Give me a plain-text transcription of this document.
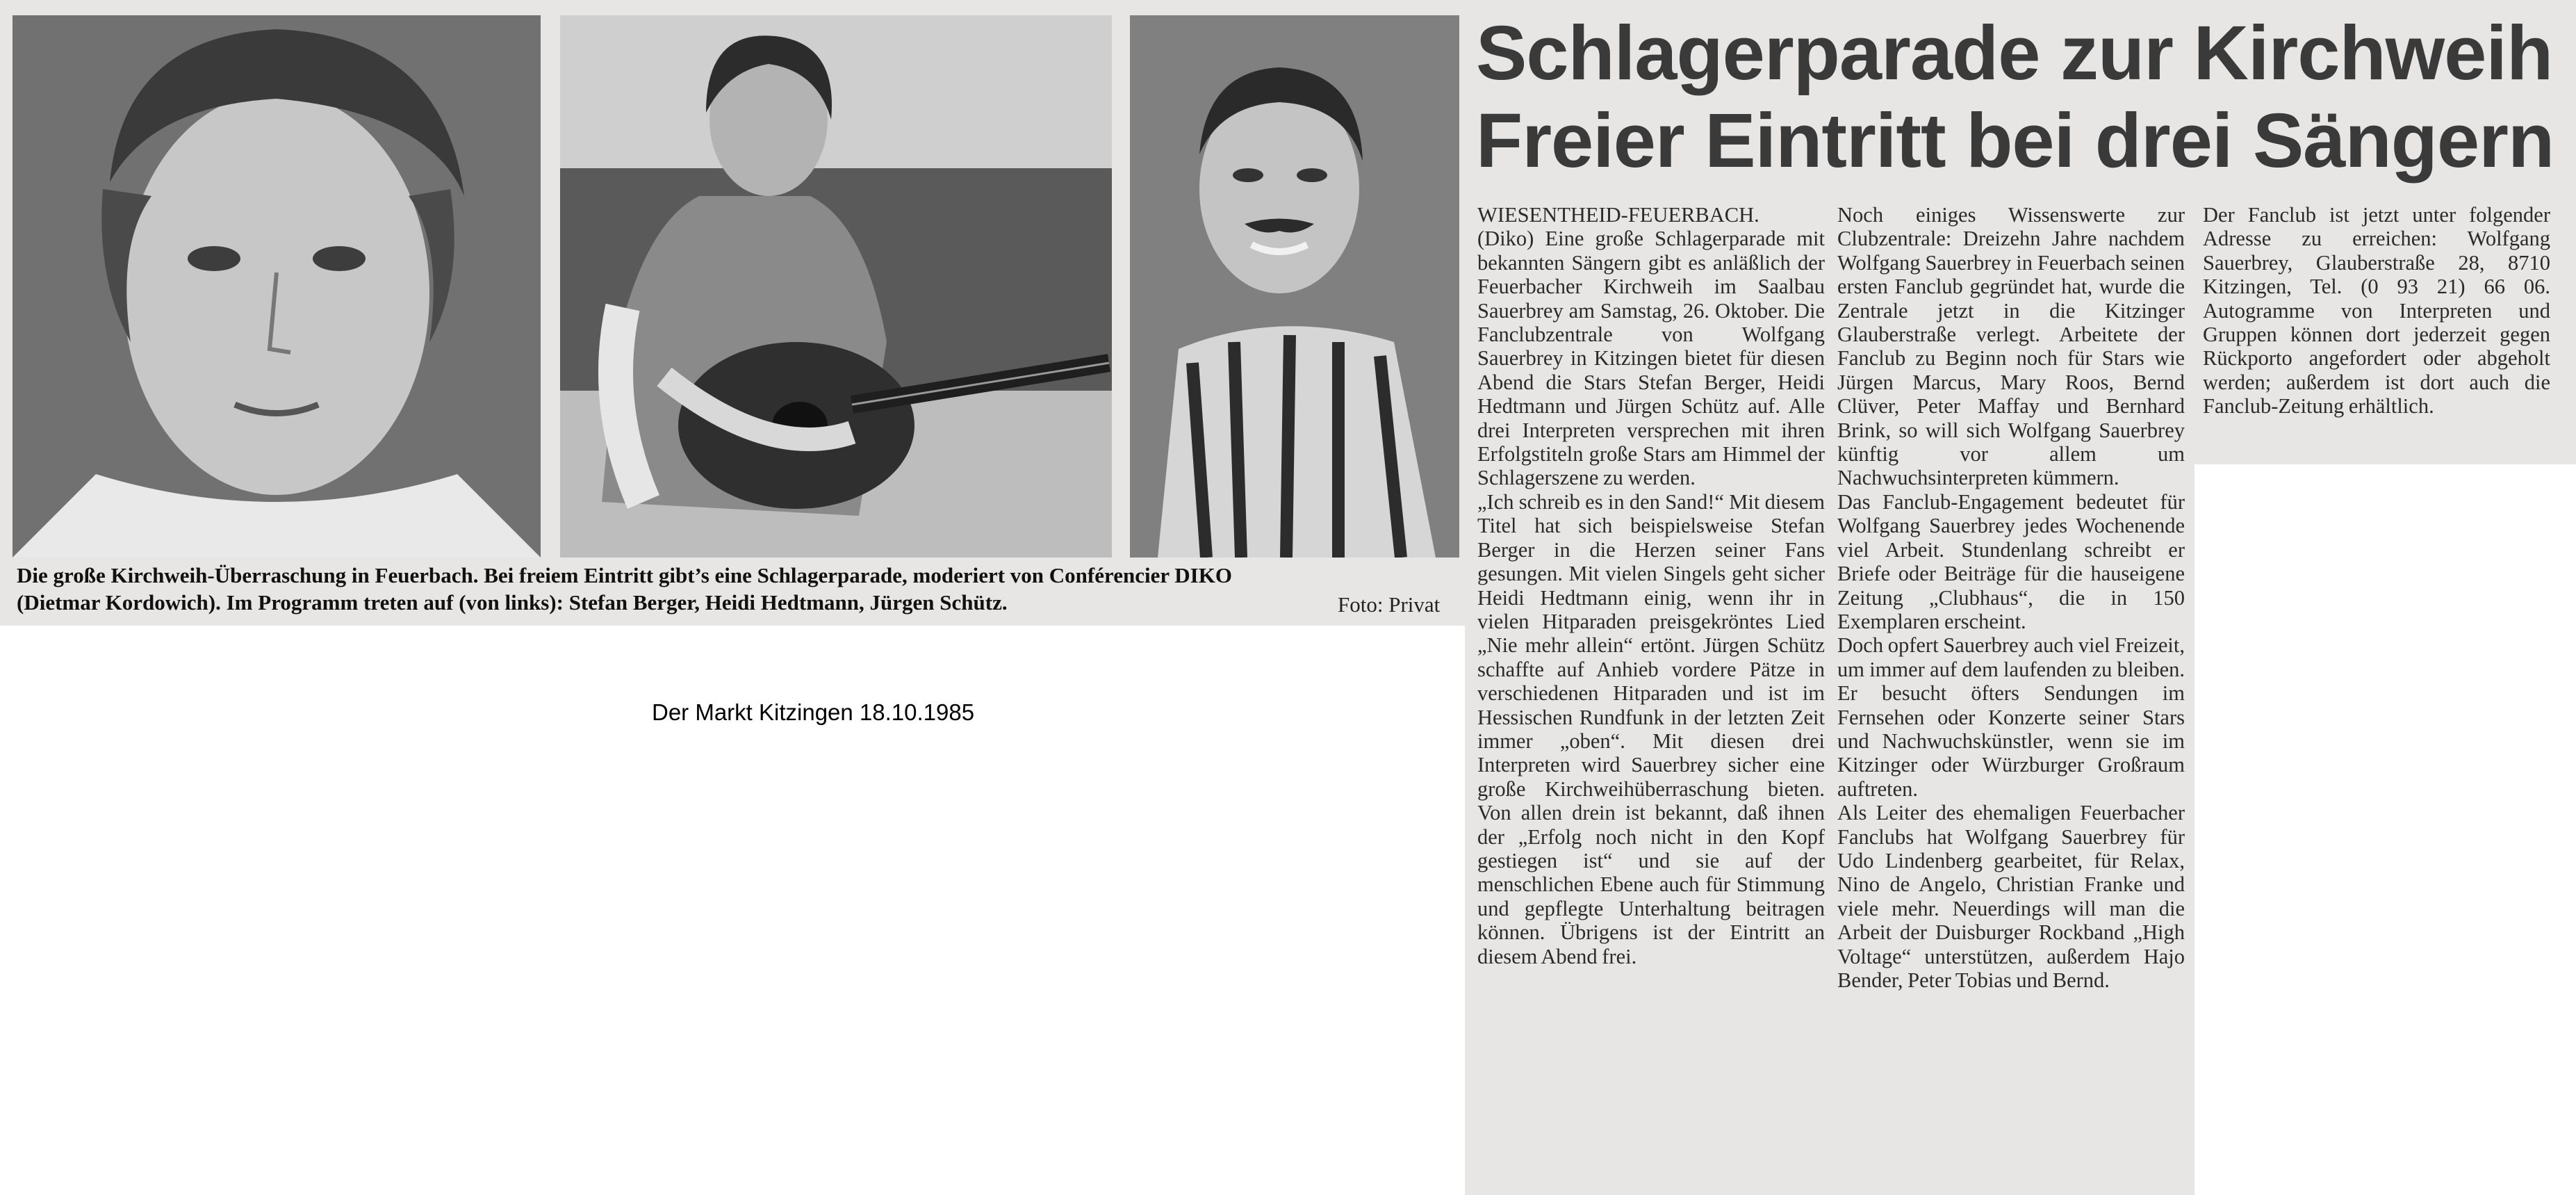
Die große Kirchweih-Überraschung in Feuerbach. Bei freiem Eintritt gibt’s eine Schlagerparade, moderiert von Conférencier DIKO
(Dietmar Kordowich). Im Programm treten auf (von links): Stefan Berger, Heidi Hedtmann, Jürgen Schütz.	Foto: Privat
Schlagerparade zur Kirchweih
Freier Eintritt bei drei Sängern

WIESENTHEID-FEUERBACH.

(Diko) Eine große Schlagerparade mit bekannten Sängern gibt es anläßlich der Feuerbacher Kirchweih im Saalbau Sauerbrey am Samstag, 26. Oktober. Die Fanclubzentrale von Wolfgang Sauerbrey in Kitzingen bietet für diesen Abend die Stars Stefan Berger, Heidi Hedtmann und Jürgen Schütz auf. Alle drei Interpreten versprechen mit ihren Erfolgstiteln große Stars am Himmel der Schlagerszene zu werden.

„Ich schreib es in den Sand!“ Mit diesem Titel hat sich beispielsweise Stefan Berger in die Herzen seiner Fans gesungen. Mit vielen Singels geht sicher Heidi Hedtmann einig, wenn ihr in vielen Hitparaden preisgekröntes Lied „Nie mehr allein“ ertönt. Jürgen Schütz schaffte auf Anhieb vordere Pätze in verschiedenen Hitparaden und ist im Hessischen Rundfunk in der letzten Zeit immer „oben“. Mit diesen drei Interpreten wird Sauerbrey sicher eine große Kirchweihüberraschung bieten. Von allen drein ist bekannt, daß ihnen der „Erfolg noch nicht in den Kopf gestiegen ist“ und sie auf der menschlichen Ebene auch für Stimmung und gepflegte Unterhaltung beitragen können. Übrigens ist der Eintritt an diesem Abend frei.

Noch einiges Wissenswerte zur Clubzentrale: Dreizehn Jahre nachdem Wolfgang Sauerbrey in Feuerbach seinen ersten Fanclub gegründet hat, wurde die Zentrale jetzt in die Kitzinger Glauberstraße verlegt. Arbeitete der Fanclub zu Beginn noch für Stars wie Jürgen Marcus, Mary Roos, Bernd Clüver, Peter Maffay und Bernhard Brink, so will sich Wolfgang Sauerbrey künftig vor allem um Nachwuchsinterpreten kümmern.

Das Fanclub-Engagement bedeutet für Wolfgang Sauerbrey jedes Wochenende viel Arbeit. Stundenlang schreibt er Briefe oder Beiträge für die hauseigene Zeitung „Clubhaus“, die in 150 Exemplaren erscheint.

Doch opfert Sauerbrey auch viel Freizeit, um immer auf dem laufenden zu bleiben. Er besucht öfters Sendungen im Fernsehen oder Konzerte seiner Stars und Nachwuchskünstler, wenn sie im Kitzinger oder Würzburger Großraum auftreten.

Als Leiter des ehemaligen Feuerbacher Fanclubs hat Wolfgang Sauerbrey für Udo Lindenberg gearbeitet, für Relax, Nino de Angelo, Christian Franke und viele mehr. Neuerdings will man die Arbeit der Duisburger Rockband „High Voltage“ unterstützen, außerdem Hajo Bender, Peter Tobias und Bernd.

Der Fanclub ist jetzt unter folgender Adresse zu erreichen: Wolfgang Sauerbrey, Glauberstraße 28, 8710 Kitzingen, Tel. (0 93 21) 66 06. Autogramme von Interpreten und Gruppen können dort jederzeit gegen Rückporto angefordert oder abgeholt werden; außerdem ist dort auch die Fanclub-Zeitung erhältlich.

Der Markt Kitzingen 18.10.1985
